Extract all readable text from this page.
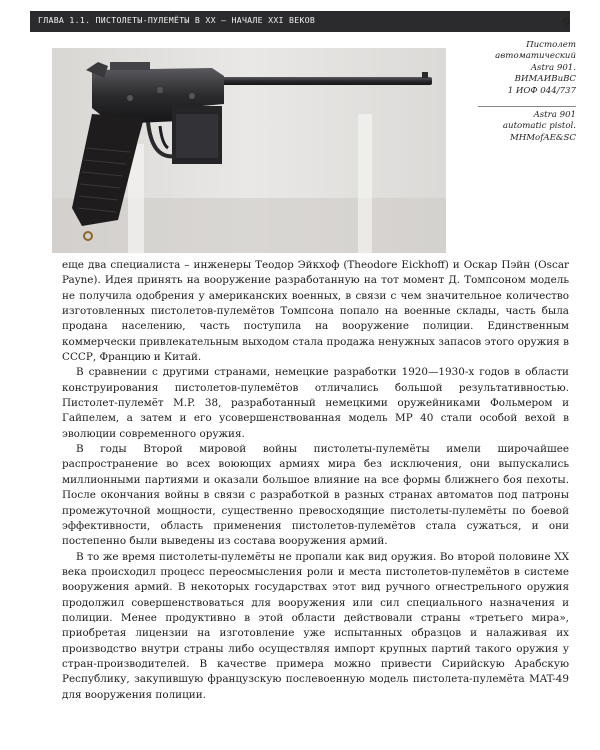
ГЛАВА 1.1. ПИСТОЛЕТЫ-ПУЛЕМЁТЫ В XX – НАЧАЛЕ XXI ВЕКОВ	9
Пистолет
автоматический
Astra 901.
ВИМАИВиВС
1 ИОФ 044/737
Astra 901
automatic pistol.
MHMofAE&SC

еще два специалиста – инженеры Теодор Эйкхоф (Theodore Eickhoff) и Оскар Пэйн (Oscar Payne). Идея принять на вооружение разработанную на тот момент Д. Томпсоном модель не получила одобрения у американских военных, в связи с чем значительное количество изготовленных пистолетов-пулемётов Томпсона попало на военные склады, часть была продана населению, часть поступила на вооружение полиции. Единственным коммерчески привлекательным выходом стала продажа ненужных запасов этого оружия в СССР, Францию и Китай.

В сравнении с другими странами, немецкие разработки 1920—1930-х годов в области конструирования пистолетов-пулемётов отличались большой результативностью. Пистолет-пулемёт M.P. 38, разработанный немецкими оружейниками Фольмером и Гайпелем, а затем и его усовершенствованная модель MP 40 стали особой вехой в эволюции современного оружия.

В годы Второй мировой войны пистолеты-пулемёты имели широчайшее распространение во всех воюющих армиях мира без исключения, они выпускались миллионными партиями и оказали большое влияние на все формы ближнего боя пехоты. После окончания войны в связи с разработкой в разных странах автоматов под патроны промежуточной мощности, существенно превосходящие пистолеты-пулемёты по боевой эффективности, область применения пистолетов-пулемётов стала сужаться, и они постепенно были выведены из состава вооружения армий.

В то же время пистолеты-пулемёты не пропали как вид оружия. Во второй половине XX века происходил процесс переосмысления роли и места пистолетов-пулемётов в системе вооружения армий. В некоторых государствах этот вид ручного огнестрельного оружия продолжил совершенствоваться для вооружения или сил специального назначения и полиции. Менее продуктивно в этой области действовали страны «третьего мира», приобретая лицензии на изготовление уже испытанных образцов и налаживая их производство внутри страны либо осуществляя импорт крупных партий такого оружия у стран-производителей. В качестве примера можно привести Сирийскую Арабскую Республику, закупившую французскую послевоенную модель пистолета-пулемёта MAT-49 для вооружения полиции.
